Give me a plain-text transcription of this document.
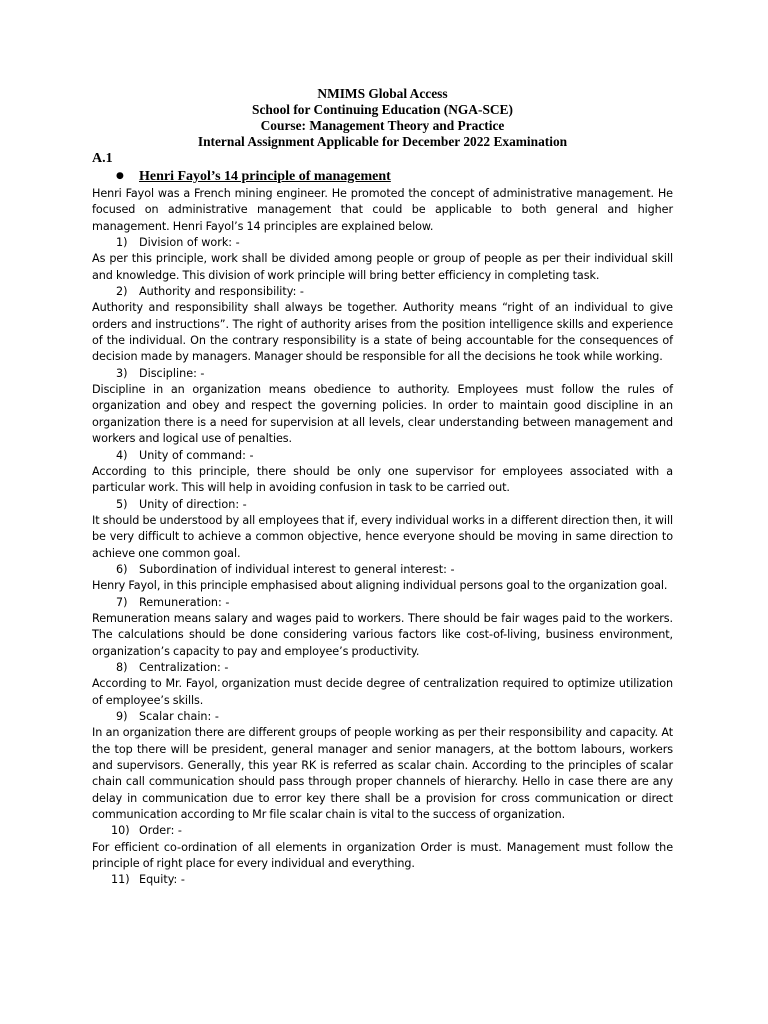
NMIMS Global Access
School for Continuing Education (NGA-SCE)
Course: Management Theory and Practice
Internal Assignment Applicable for December 2022 Examination
A.1
● Henri Fayol’s 14 principle of management
Henri Fayol was a French mining engineer. He promoted the concept of administrative management. He focused on administrative management that could be applicable to both general and higher management. Henri Fayol’s 14 principles are explained below.
1) Division of work: -
As per this principle, work shall be divided among people or group of people as per their individual skill and knowledge. This division of work principle will bring better efficiency in completing task.
2) Authority and responsibility: -
Authority and responsibility shall always be together. Authority means “right of an individual to give orders and instructions”. The right of authority arises from the position intelligence skills and experience of the individual. On the contrary responsibility is a state of being accountable for the consequences of decision made by managers. Manager should be responsible for all the decisions he took while working.
3) Discipline: -
Discipline in an organization means obedience to authority. Employees must follow the rules of organization and obey and respect the governing policies. In order to maintain good discipline in an organization there is a need for supervision at all levels, clear understanding between management and workers and logical use of penalties.
4) Unity of command: -
According to this principle, there should be only one supervisor for employees associated with a particular work. This will help in avoiding confusion in task to be carried out.
5) Unity of direction: -
It should be understood by all employees that if, every individual works in a different direction then, it will be very difficult to achieve a common objective, hence everyone should be moving in same direction to achieve one common goal.
6) Subordination of individual interest to general interest: -
Henry Fayol, in this principle emphasised about aligning individual persons goal to the organization goal.
7) Remuneration: -
Remuneration means salary and wages paid to workers. There should be fair wages paid to the workers. The calculations should be done considering various factors like cost-of-living, business environment, organization’s capacity to pay and employee’s productivity.
8) Centralization: -
According to Mr. Fayol, organization must decide degree of centralization required to optimize utilization of employee’s skills.
9) Scalar chain: -
In an organization there are different groups of people working as per their responsibility and capacity. At the top there will be president, general manager and senior managers, at the bottom labours, workers and supervisors. Generally, this year RK is referred as scalar chain. According to the principles of scalar chain call communication should pass through proper channels of hierarchy. Hello in case there are any delay in communication due to error key there shall be a provision for cross communication or direct communication according to Mr file scalar chain is vital to the success of organization.
10) Order: -
For efficient co-ordination of all elements in organization Order is must. Management must follow the principle of right place for every individual and everything.
11) Equity: -
